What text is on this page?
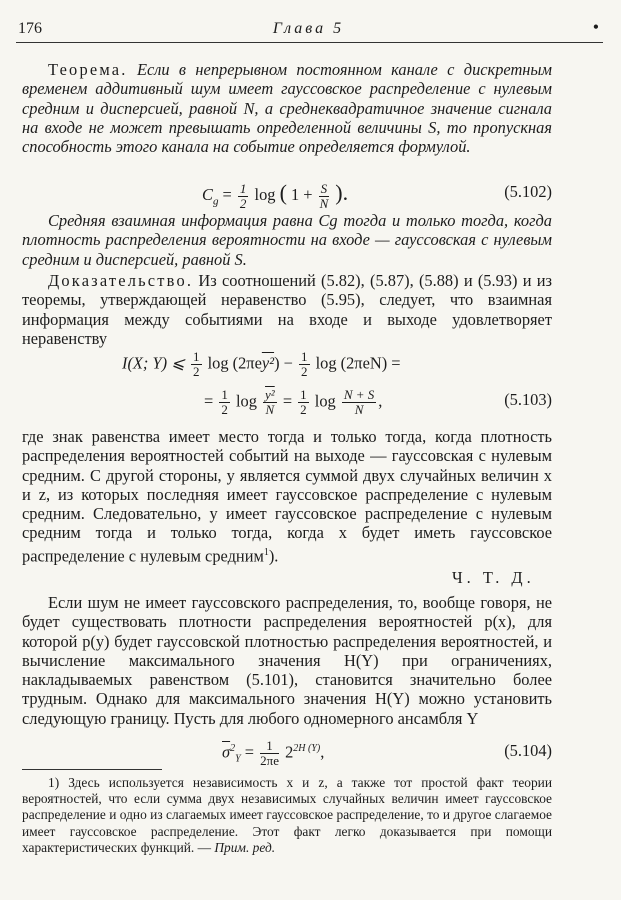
176	Глава 5	•
Теорема. Если в непрерывном постоянном канале с дискретным временем аддитивный шум имеет гауссовское распределение с нулевым средним и дисперсией, равной N, а среднеквадратичное значение сигнала на входе не может превышать определенной величины S, то пропускная способность этого канала на событие определяется формулой.
$C_g = \frac{1}{2}$ log ( $1 + \frac{S}{N}$ ).	(5.102)
Средняя взаимная информация равна Cg тогда и только тогда, когда плотность распределения вероятности на входе — гауссовская с нулевым средним и дисперсией, равной S.
Доказательство. Из соотношений (5.82), (5.87), (5.88) и (5.93) и из теоремы, утверждающей неравенство (5.95), следует, что взаимная информация между событиями на входе и выходе удовлетворяет неравенству
I(X; Y) ⩽ $\frac{1}{2}$ $\log (2\pi ey^2) - \frac{1}{2}$ log (2πeN) =
= $\frac{1}{2}$ $\log \frac{\text{y²}}{N} = \frac{1}{2}$ $\log \frac{N + S}{N}$ ,	(5.103)
где знак равенства имеет место тогда и только тогда, когда плотность распределения вероятностей событий на выходе — гауссовская с нулевым средним. С другой стороны, y является суммой двух случайных величин x и z, из которых последняя имеет гауссовское распределение с нулевым средним. Следовательно, y имеет гауссовское распределение с нулевым средним тогда и только тогда, когда x будет иметь гауссовское распределение с нулевым средним$^1$).
Ч. Т. Д.
Если шум не имеет гауссовского распределения, то, вообще говоря, не будет существовать плотности распределения вероятностей p(x), для которой p(y) будет гауссовской плотностью распределения вероятностей, и вычисление максимального значения H(Y) при ограничениях, накладываемых равенством (5.101), становится значительно более трудным. Однако для максимального значения H(Y) можно установить следующую границу. Пусть для любого одномерного ансамбля Y
$\overline{\sigma}^2_Y = \frac{1}{2\pi e} 2^{2H (Y)}$,	(5.104)
1) Здесь используется независимость x и z, а также тот простой факт теории вероятностей, что если сумма двух независимых случайных величин имеет гауссовское распределение и одно из слагаемых имеет гауссовское распределение, то и другое слагаемое имеет гауссовское распределение. Этот факт легко доказывается при помощи характеристических функций. — Прим. ред.
